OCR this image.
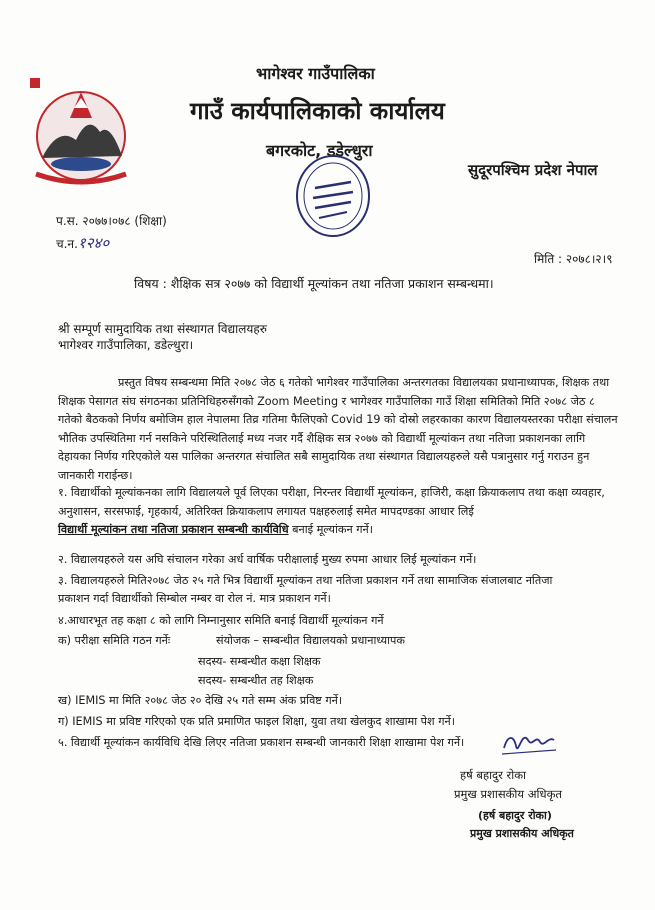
भागेश्वर गाउँपालिका
गाउँ कार्यपालिकाको कार्यालय
बगरकोट, डडेल्धुरा
सुदूरपश्चिम प्रदेश नेपाल
प.स. २०७७।०७८ (शिक्षा)
च.न.१२४०
मिति : २०७८।२।९
विषय : शैक्षिक सत्र २०७७ को विद्यार्थी मूल्यांकन तथा नतिजा प्रकाशन सम्बन्धमा।
श्री सम्पूर्ण सामुदायिक तथा संस्थागत विद्यालयहरु
भागेश्वर गाउँपालिका, डडेल्धुरा।

प्रस्तुत विषय सम्बन्धमा मिति २०७८ जेठ ६ गतेको भागेश्वर गाउँपालिका अन्तरगतका विद्यालयका प्रधानाध्यापक, शिक्षक तथा शिक्षक पेसागत संघ संगठनका प्रतिनिधिहरुसँगको Zoom Meeting र भागेश्वर गाउँपालिका गाउँ शिक्षा समितिको मिति २०७८ जेठ ८ गतेको बैठकको निर्णय बमोजिम हाल नेपालमा तिव्र गतिमा फैलिएको Covid 19 को दोस्रो लहरकाका कारण विद्यालयस्तरका परीक्षा संचालन भौतिक उपस्थितिमा गर्न नसकिने परिस्थितिलाई मध्य नजर गर्दै शैक्षिक सत्र २०७७ को विद्यार्थी मूल्यांकन तथा नतिजा प्रकाशनका लागि देहायका निर्णय गरिएकोले यस पालिका अन्तरगत संचालित सबै सामुदायिक तथा संस्थागत विद्यालयहरुले यसै पत्रानुसार गर्नु गराउन हुन जानकारी गराईन्छ।

१. विद्यार्थीको मूल्यांकनका लागि विद्यालयले पूर्व लिएका परीक्षा, निरन्तर विद्यार्थी मूल्यांकन, हाजिरी, कक्षा क्रियाकलाप तथा कक्षा व्यवहार, अनुशासन, सरसफाई, गृहकार्य, अतिरिक्त क्रियाकलाप लगायत पक्षहरुलाई समेत मापदण्डका आधार लिई
विद्यार्थी मूल्यांकन तथा नतिजा प्रकाशन सम्बन्धी कार्यविधि बनाई मूल्यांकन गर्ने।

२. विद्यालयहरुले यस अघि संचालन गरेका अर्ध वार्षिक परीक्षालाई मुख्य रुपमा आधार लिई मूल्यांकन गर्ने।
३. विद्यालयहरुले मिति२०७८ जेठ २५ गते भित्र विद्यार्थी मूल्यांकन तथा नतिजा प्रकाशन गर्ने तथा सामाजिक संजालबाट नतिजा
प्रकाशन गर्दा विद्यार्थीको सिम्बोल नम्बर वा रोल नं. मात्र प्रकाशन गर्ने।
४.आधारभूत तह कक्षा ८ को लागि निम्नानुसार समिति बनाई विद्यार्थी मूल्यांकन गर्ने
क) परीक्षा समिति गठन गर्नेः	संयोजक – सम्बन्धीत विद्यालयको प्रधानाध्यापक
सदस्य- सम्बन्धीत कक्षा शिक्षक
सदस्य- सम्बन्धीत तह शिक्षक
ख) IEMIS मा मिति २०७८ जेठ २० देखि २५ गते सम्म अंक प्रविष्ट गर्ने।
ग) IEMIS मा प्रविष्ट गरिएको एक प्रति प्रमाणित फाइल शिक्षा, युवा तथा खेलकुद शाखामा पेश गर्ने।
५. विद्यार्थी मूल्यांकन कार्यविधि देखि लिएर नतिजा प्रकाशन सम्बन्धी जानकारी शिक्षा शाखामा पेश गर्ने।
हर्ष बहादुर रोका
प्रमुख प्रशासकीय अधिकृत
(हर्ष बहादुर रोका)
प्रमुख प्रशासकीय अधिकृत
